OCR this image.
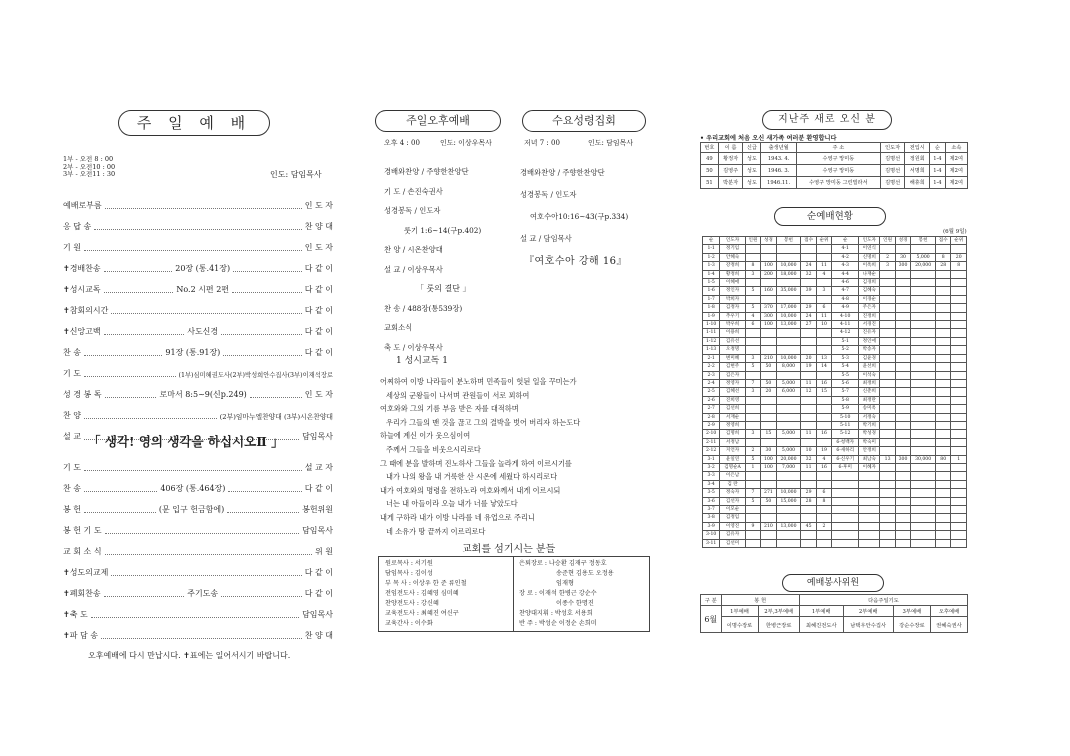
주 일 예 배
1부 - 오전 8 : 00
2부 - 오전10 : 00
3부 - 오전11 : 30	인도: 담임목사
예배로부름	인 도 자
응 답 송	찬 양 대
기 원	인 도 자
✝경배찬송	20장 (통.41장)	다 같 이
✝성시교독	No.2 시편 2편	다 같 이
✝참회의시간	다 같 이
✝신앙고백	사도신경	다 같 이
찬 송	91장 (통.91장)	다 같 이
기 도	(1부)심미혜권도사(2부)박성희안수집사(3부)이재석장로
성 경 봉 독	로마서 8:5~9(신p.249)	인 도 자
찬 양	(2부)임마누엘찬양대 (3부)시온찬양대
설 교	담임목사
「 생각! 영의 생각을 하십시오Ⅱ 」
기 도	설 교 자
찬 송	406장 (통.464장)	다 같 이
봉 헌	(문 입구 헌금함에)	봉헌위원
봉 헌 기 도	담임목사
교 회 소 식	위 원
✝성도의교제	다 같 이
✝폐회찬송	주기도송	다 같 이
✝축 도	담임목사
✝파 담 송	찬 양 대
오후예배에 다시 만납시다. ✝표에는 일어서시기 바랍니다.
주일오후예배
오후 4 : 00	인도: 이상우목사
경배와찬양 / 주향한찬양단
기 도 / 손진숙권사
성경봉독 / 인도자
룻기 1:6~14(구p.402)
찬 양 / 시온찬양대
설 교 / 이상우목사
「 룻의 결단 」
찬 송 / 488장(통539장)
교회소식
축 도 / 이상우목사
1 성시교독 1
어찌하여 이방 나라들이 분노하며 민족들이 헛된 일을 꾸미는가
세상의 군왕들이 나서며 관원들이 서로 꾀하여
여호와와 그의 기름 부음 받은 자를 대적하며
우리가 그들의 맨 것을 끊고 그의 결박을 벗어 버리자 하는도다
하늘에 계신 이가 웃으심이여
주께서 그들을 비웃으시리로다
그 때에 분을 발하며 진노하사 그들을 놀라게 하여 이르시기를
내가 나의 왕을 내 거룩한 산 시온에 세웠다 하시리로다
내가 여호와의 명령을 전하노라 여호와께서 내게 이르시되
너는 내 아들이라 오늘 내가 너를 낳았도다
내게 구하라 내가 이방 나라를 네 유업으로 주리니
네 소유가 땅 끝까지 이르리로다
교회를 섬기시는 분들
원로목사 : 서기원
담임목사 : 김이성
부 목 사 : 이상우 한 준 류인철
전임전도사 : 김혜영 심미혜
찬양전도사 : 강신혜
교육전도사 : 최혜진 여신구
교육간사 : 이수화
은퇴장로 : 나승환 김재구 정동호
송준현 김용도 오정용
임재형
장 로 : 이재석 한병근 강순수
이종수 한명진
찬양대지휘 : 박성호 서용희
반 주 : 박성순 이정순 손희미
수요성령집회
저녁 7 : 00	인도: 담임목사
경배와찬양 / 주향한찬양단
성경봉독 / 인도자
여호수아10:16~43(구p.334)
설 교 / 담임목사
『여호수아 강해 16』
지난주 새로 오신 분
• 우리교회에 처음 오신 새가족 여러분 환영합니다
번호	이 름	신급	출생년월	주 소	인도자	전입시	순	소속
49	황정자	성도	1943. 4.	수영구 망미동	김명선	정원회	1-4	제2여
50	김영주	성도	1946. 3.	수영구 망미동	김명선	서명희	1-4	제2여
51	박분자	성도	1946.11.	수영구 망미동 그린빌라서	김명선	해휴희	1-4	제2여
순예배현황
(6월 9일)
순	인도자	인원	성경	봉헌	접수	순위	순	인도자	인원	성경	봉헌	접수	순위
1-1	정기임						4-1	이연식					
1-2	안혜숙						4-2	신명희	2	30	5,000	8	20
1-3	강정희	8	100	10,000	24	11	4-3	이옥희	3	300	20,000	28	8
1-4	황정희	3	200	18,000	32	4	4-4	나재순					
1-5	이혜애						4-6	김경희					
1-6	정인자	5	160	35,000	39	3	4-7	김혜숙					
1-7	박희자						4-8	이경순					
1-8	김정자	5	370	17,000	29	6	4-9	주은자					
1-9	추우기	4	300	10,000	24	11	4-10	진정희					
1-10	박우희	6	100	13,000	27	10	4-11	서경진					
1-11	이용희						4-12	진유자					
1-12	김유선						5-1	정인애					
1-13	오정명						5-2	박송자					
2-1	변미혜	3	210	10,000	20	13	5-3	김윤경					
2-2	김현주	5	50	8,000	19	14	5-4	윤선희					
2-3	김은자						5-5	이석숙					
2-4	정영자	7	50	5,000	11	16	5-6	최정희					
2-5	김혜선	3	20	6,000	12	15	5-7	신춘희					
2-6	진희영						5-8	최정란					
2-7	김선희						5-9	송미옥					
2-8	서재순						5-10	서정숙					
2-9	정영희						5-11	박기희					
2-10	김명희	3	15	5,000	11	16	5-12	박성경					
2-11	서정남						6-청백자	박숙미					
2-12	지언자	2	30	5,000	10	19	6-새하리	안정희					
3-1	윤일연	5	100	20,000	32	4	6-신우기	최남숙	13	300	30,000	80	1
3-2	김명순A	1	100	7,000	11	16	6-후미	이혜자					
3-3	이은남												
3-4	김 란												
3-5	정숙자	7	271	10,000	29	6							
3-6	김선자	5	50	15,000	28	8							
3-7	이모순												
3-8	김정임												
3-9	이영진	9	210	13,000	45	2							
3-10	김유자												
3-11	김선미												
예배봉사위원
구 분	봉 헌		다음주일기도			
6월	1부예배	2부,3부예배	1부예배	2부예배	3부예배	오후예배
	이명수장로	한병근장로	최혜진전도사	남택우안수집사	강순수장로	권혜숙권사
